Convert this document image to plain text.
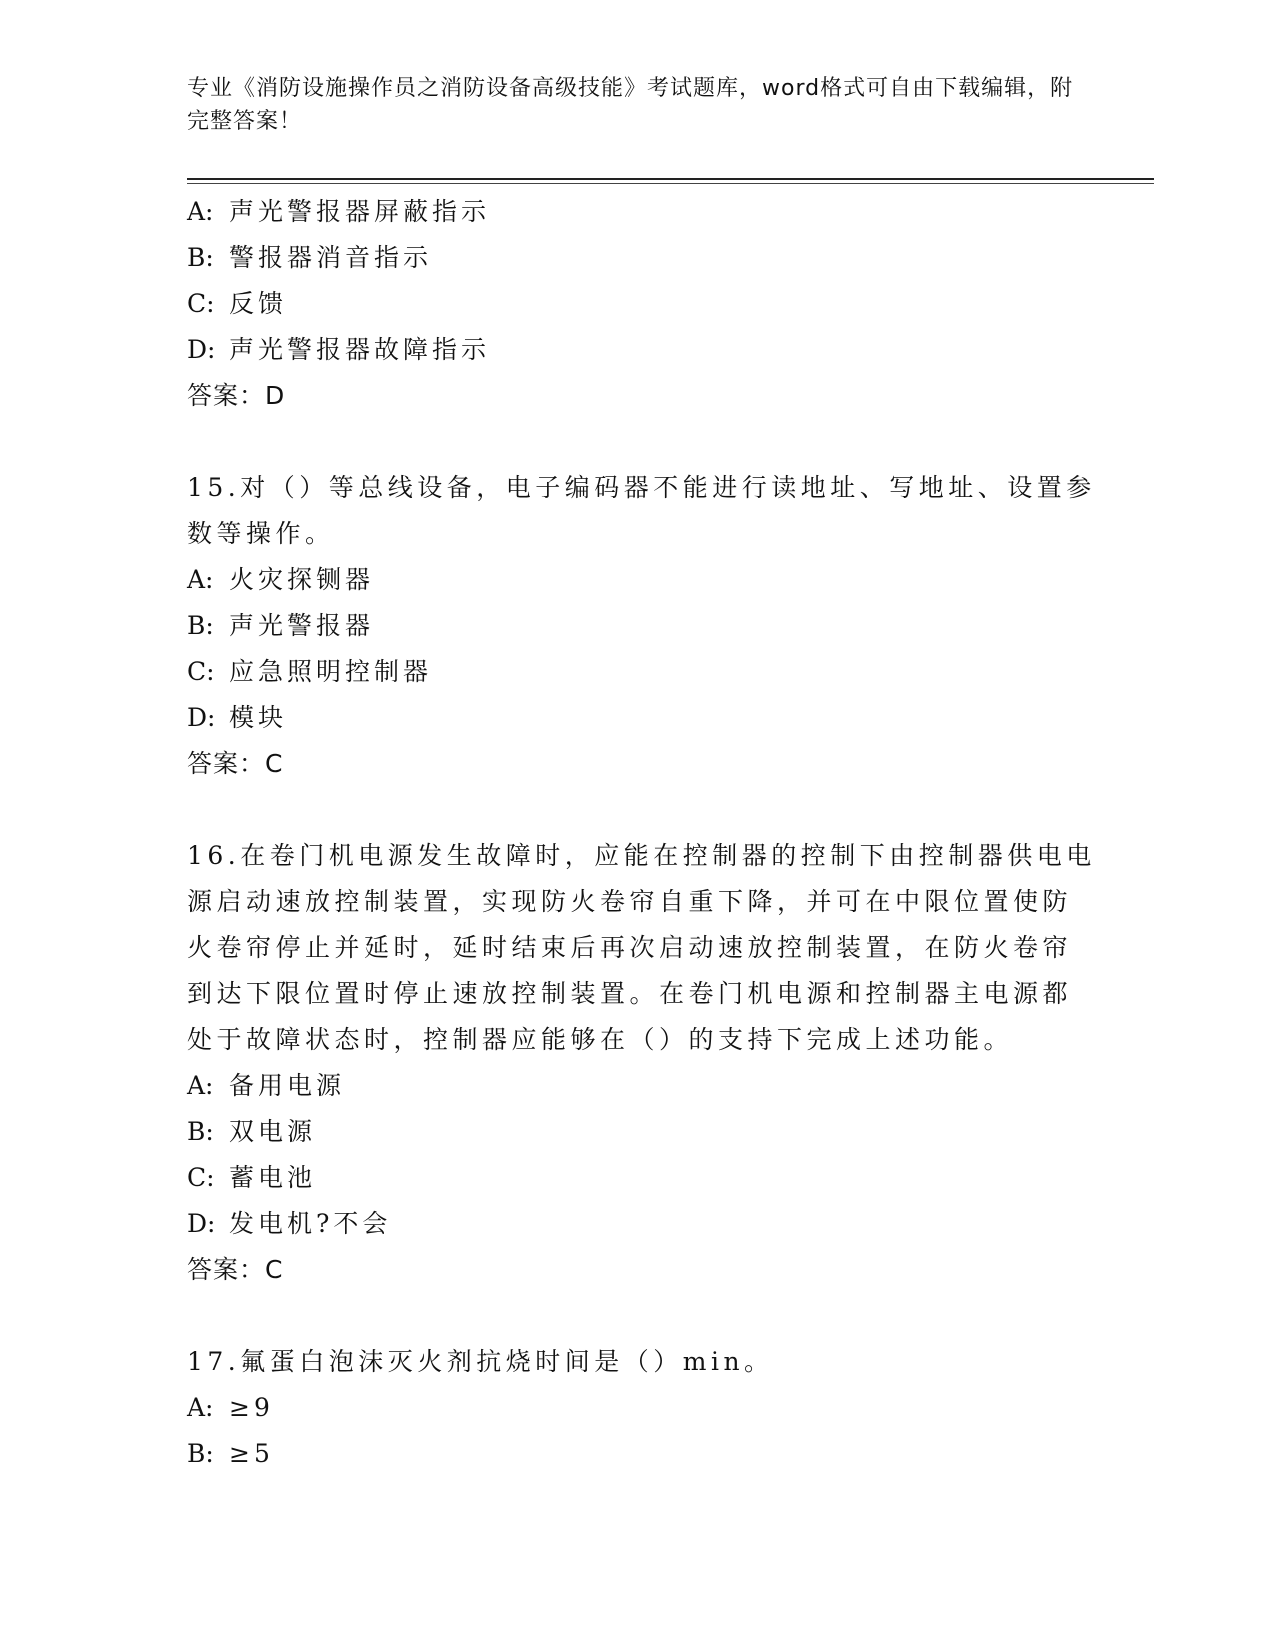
专业《消防设施操作员之消防设备高级技能》考试题库，word格式可自由下载编辑，附完整答案！
A: 声光警报器屏蔽指示
B: 警报器消音指示
C: 反馈
D: 声光警报器故障指示
答案：D
15.对（）等总线设备，电子编码器不能进行读地址、写地址、设置参
数等操作。
A: 火灾探铡器
B: 声光警报器
C: 应急照明控制器
D: 模块
答案：C
16.在卷门机电源发生故障时，应能在控制器的控制下由控制器供电电
源启动速放控制装置，实现防火卷帘自重下降，并可在中限位置使防
火卷帘停止并延时，延时结束后再次启动速放控制装置，在防火卷帘
到达下限位置时停止速放控制装置。在卷门机电源和控制器主电源都
处于故障状态时，控制器应能够在（）的支持下完成上述功能。
A: 备用电源
B: 双电源
C: 蓄电池
D: 发电机?不会
答案：C
17.氟蛋白泡沫灭火剂抗烧时间是（）min。
A: ≥9
B: ≥5
